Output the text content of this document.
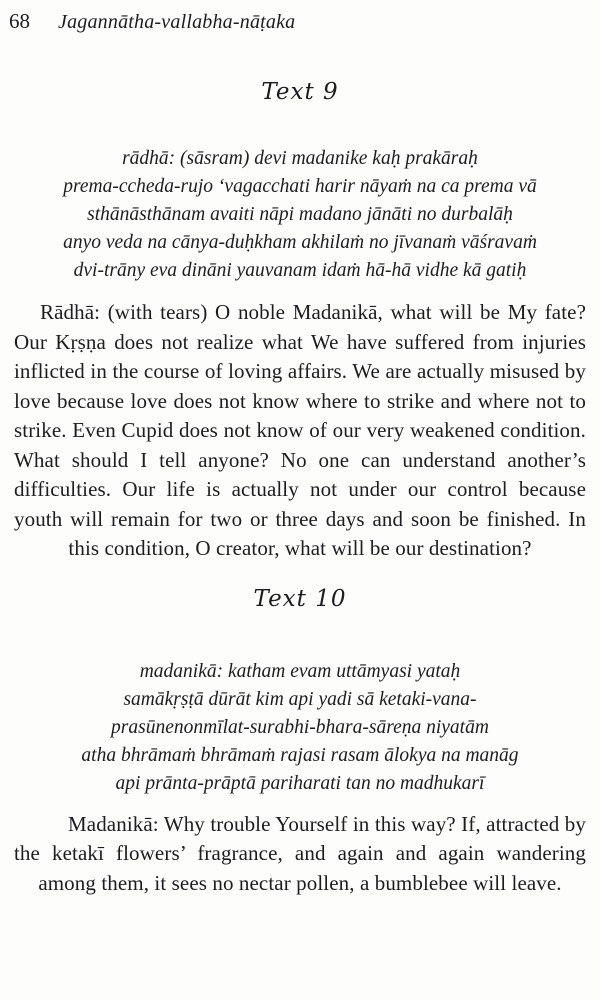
68 Jagannātha-vallabha-nāṭaka
Text 9
rādhā: (sāsram) devi madanike kaḥ prakāraḥ
prema-ccheda-rujo ‘vagacchati harir nāyaṁ na ca prema vā
sthānāsthānam avaiti nāpi madano jānāti no durbalāḥ
anyo veda na cānya-duḥkham akhilaṁ no jīvanaṁ vāśravaṁ
dvi-trāny eva dināni yauvanam idaṁ hā-hā vidhe kā gatiḥ

Rādhā: (with tears) O noble Madanikā, what will be My fate? Our Kṛṣṇa does not realize what We have suffered from injuries inflicted in the course of loving affairs. We are actually misused by love because love does not know where to strike and where not to strike. Even Cupid does not know of our very weakened condition. What should I tell anyone? No one can understand another’s difficulties. Our life is actually not under our control because youth will remain for two or three days and soon be finished. In this condition, O creator, what will be our destination?

Text 10
madanikā: katham evam uttāmyasi yataḥ
samākṛṣṭā dūrāt kim api yadi sā ketaki-vana-
prasūnenonmīlat-surabhi-bhara-sāreṇa niyatām
atha bhrāmaṁ bhrāmaṁ rajasi rasam ālokya na manāg
api prānta-prāptā pariharati tan no madhukarī

Madanikā: Why trouble Yourself in this way? If, attracted by the ketakī flowers’ fragrance, and again and again wandering among them, it sees no nectar pollen, a bumblebee will leave.
